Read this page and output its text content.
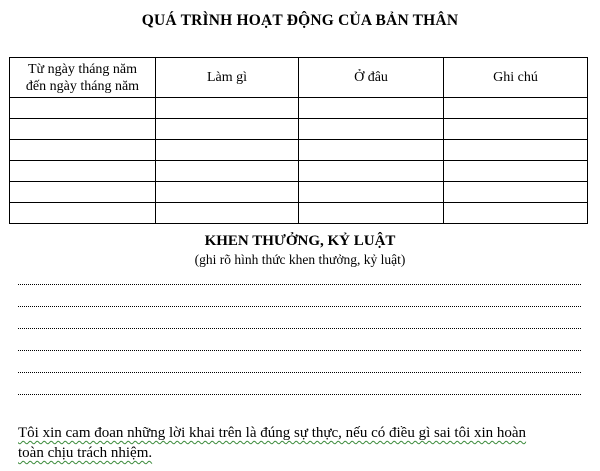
QUÁ TRÌNH HOẠT ĐỘNG CỦA BẢN THÂN
Từ ngày tháng năm
đến ngày tháng năm	Làm gì	Ở đâu	Ghi chú

KHEN THƯỞNG, KỶ LUẬT
(ghi rõ hình thức khen thưởng, kỷ luật)
Tôi xin cam đoan những lời khai trên là đúng sự thực, nếu có điều gì sai tôi xin hoàn
toàn chịu trách nhiệm.
